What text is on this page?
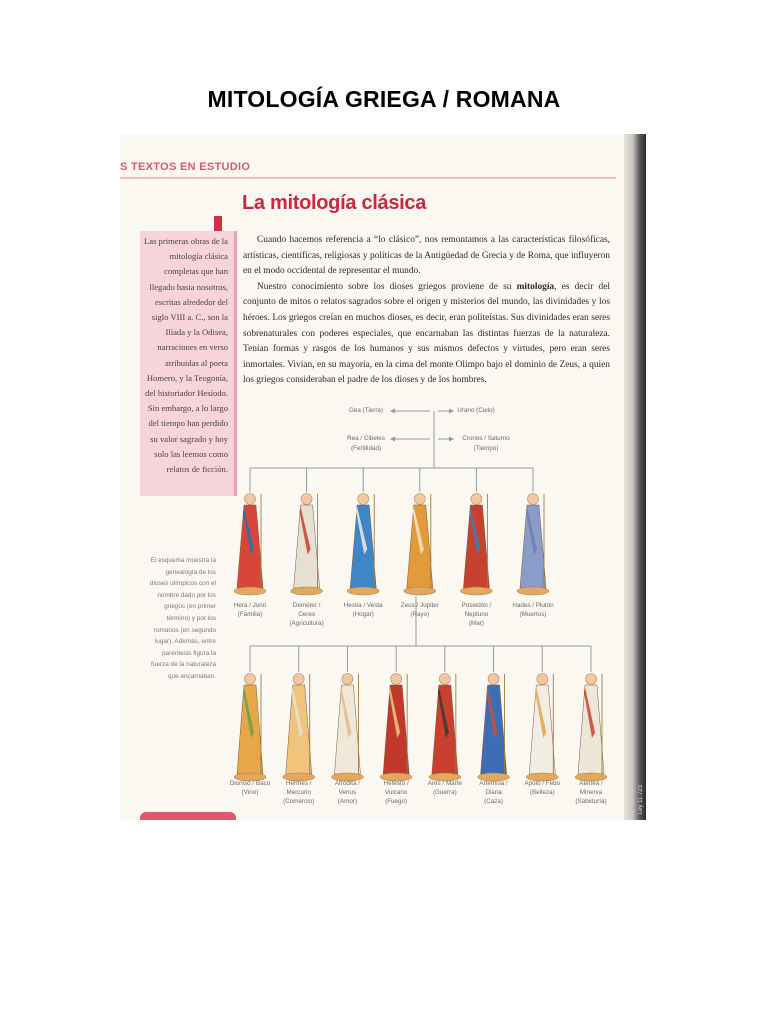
MITOLOGÍA GRIEGA / ROMANA
S TEXTOS EN ESTUDIO
La mitología clásica
Las primeras obras de la mitología clásica completas que han llegado hasta nosotros, escritas alrededor del siglo VIII a. C., son la Ilíada y la Odisea, narraciones en verso atribuidas al poeta Homero, y la Teogonía, del historiador Hesíodo. Sin embargo, a lo largo del tiempo han perdido su valor sagrado y hoy solo las leemos como relatos de ficción.

Cuando hacemos referencia a “lo clásico”, nos remontamos a las características filosóficas, artísticas, científicas, religiosas y políticas de la Antigüedad de Grecia y de Roma, que influyeron en el modo occidental de representar el mundo.

Nuestro conocimiento sobre los dioses griegos proviene de su mitología, es decir del conjunto de mitos o relatos sagrados sobre el origen y misterios del mundo, las divinidades y los héroes. Los griegos creían en muchos dioses, es decir, eran politeístas. Sus divinidades eran seres sobrenaturales con poderes especiales, que encarnaban las distintas fuerzas de la naturaleza. Tenían formas y rasgos de los humanos y sus mismos defectos y virtudes, pero eran seres inmortales. Vivían, en su mayoría, en la cima del monte Olimpo bajo el dominio de Zeus, a quien los griegos consideraban el padre de los dioses y de los hombres.

El esquema muestra la genealogía de los dioses olímpicos con el nombre dado por los griegos (en primer término) y por los romanos (en segundo lugar). Además, entre paréntesis figura la fuerza de la naturaleza que encarnaban.
Gea (Tierra)	Urano (Cielo)
Rea / Cibeles
(Fertilidad)
Cronos / Saturno
(Tiempo)
Hera / Juno
(Familia)
Deméter /
Ceres
(Agricultura)
Hestia / Vesta
(Hogar)
Zeus / Júpiter
(Rayo)
Poseidón /
Neptuno
(Mar)
Hades / Plutón
(Muertos)
Dioniso / Baco
(Vino)
Hermes /
Mercurio
(Comercio)
Afrodita /
Venus
(Amor)
Hefesto /
Vulcano
(Fuego)
Ares / Marte
(Guerra)
Artemisa /
Diana
(Caza)
Apolo / Febo
(Belleza)
Atenea /
Minerva
(Sabiduría)	Ley 11.723
